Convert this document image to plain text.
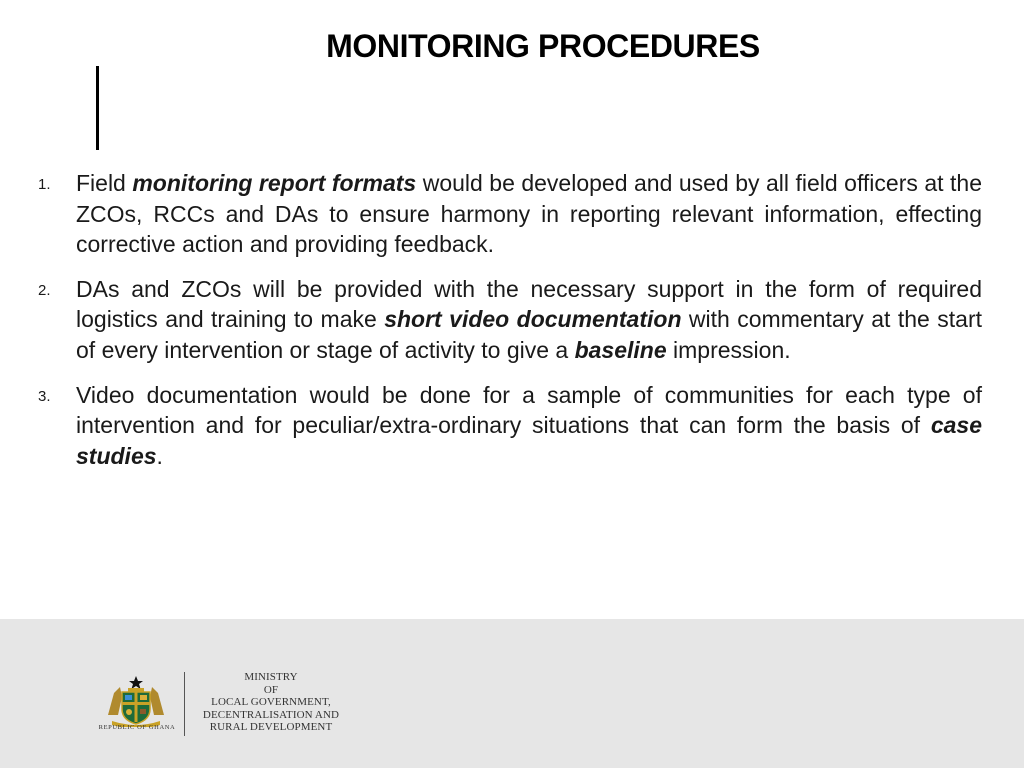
MONITORING PROCEDURES
1. Field monitoring report formats would be developed and used by all field officers at the ZCOs, RCCs and DAs to ensure harmony in reporting relevant information, effecting corrective action and providing feedback.
2. DAs and ZCOs will be provided with the necessary support in the form of required logistics and training to make short video documentation with commentary at the start of every intervention or stage of activity to give a baseline impression.
3. Video documentation would be done for a sample of communities for each type of intervention and for peculiar/extra-ordinary situations that can form the basis of case studies.
REPUBLIC OF GHANA
MINISTRY
OF
LOCAL GOVERNMENT,
DECENTRALISATION AND
RURAL DEVELOPMENT
